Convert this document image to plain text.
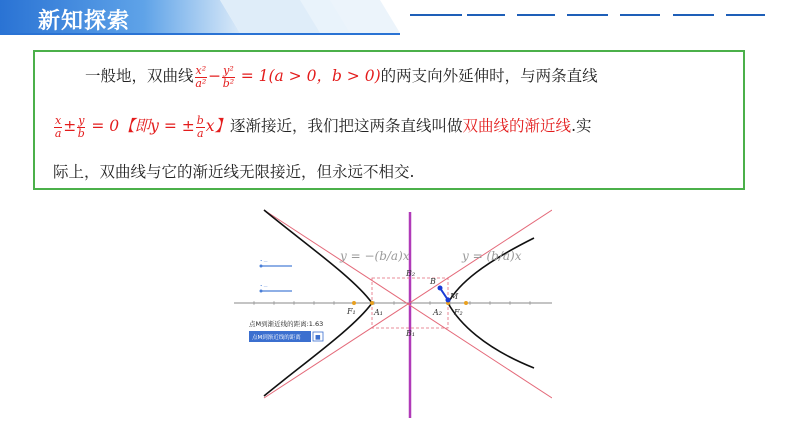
新知探索
一般地，双曲线 $\frac{\text{x²}}{\text{a²}} - \frac{\text{y²}}{\text{b²}} = 1(a > 0$，b > 0)的两支向外延伸时，与两条直线
$\frac{x}{a} \pm \frac{y}{b} = 0$【即y = ± $\frac{b}{a}$ x】逐渐接近，我们把这两条直线叫做双曲线的渐近线.实
际上，双曲线与它的渐近线无限接近，但永远不相交.
F₁ A₁	A₂ F₂
B₁
B₂
B
M
y = −(b/a)x	y = (b/a)x
• —
• —
点M到渐近线的距离:1.63
点M到渐近线的距离 ■
